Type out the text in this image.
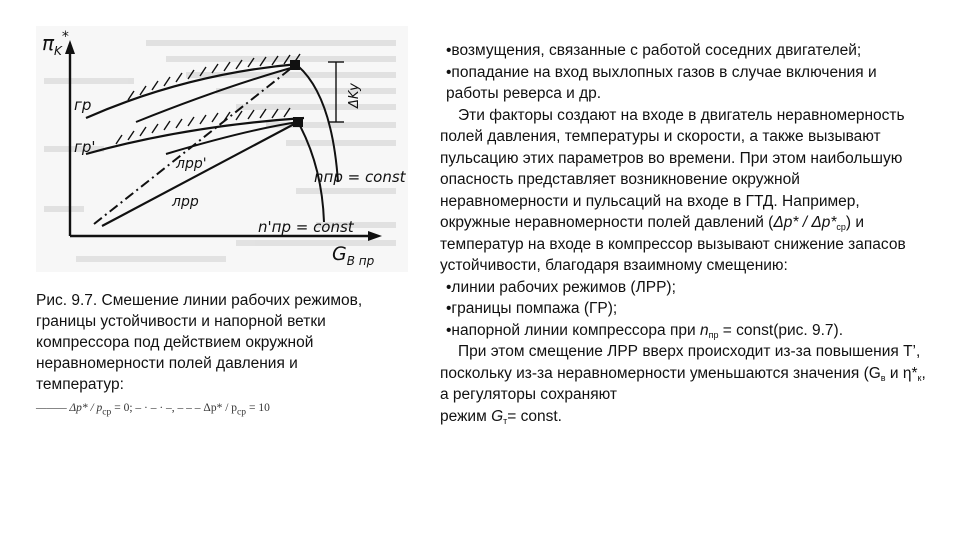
$\pi_K^*$
гр
гр'
лрр'
лрр
ΔKy
nпр = const
n'пр = const
$G_{B пр}$
Рис. 9.7. Смешение линии рабочих режимов, границы устойчивости и напорной ветки компрессора под действием окружной неравномерности полей давления и температур:
——— $\Delta p* / p_{ср} = 0$; – · – · –, – – – $\Delta p* / p_{ср} = 10$

•возмущения, связанные с работой соседних двигателей;

•попадание на вход выхлопных газов в случае включения и работы реверса и др.

Эти факторы создают на входе в двигатель неравномерность полей давления, температуры и скорости, а также вызывают пульсацию этих параметров во времени. При этом наибольшую опасность представляет возникновение окружной неравномерности и пульсаций на входе в ГТД. Например, окружные неравномерности полей давлений $(\Delta p* / \Delta p*_{ср})$ и температур на входе в компрессор вызывают снижение запасов устойчивости, благодаря взаимному смещению:

•линии рабочих режимов (ЛРР);

•границы помпажа (ГР);

•напорной линии компрессора при $n_{пр}$ = const(рис. 9.7).

При этом смещение ЛРР вверх происходит из-за повышения T’, поскольку из-за неравномерности уменьшаются значения ($G_в$ и $\eta*_к$, а регуляторы сохраняют

режим $G_т=$ const.
